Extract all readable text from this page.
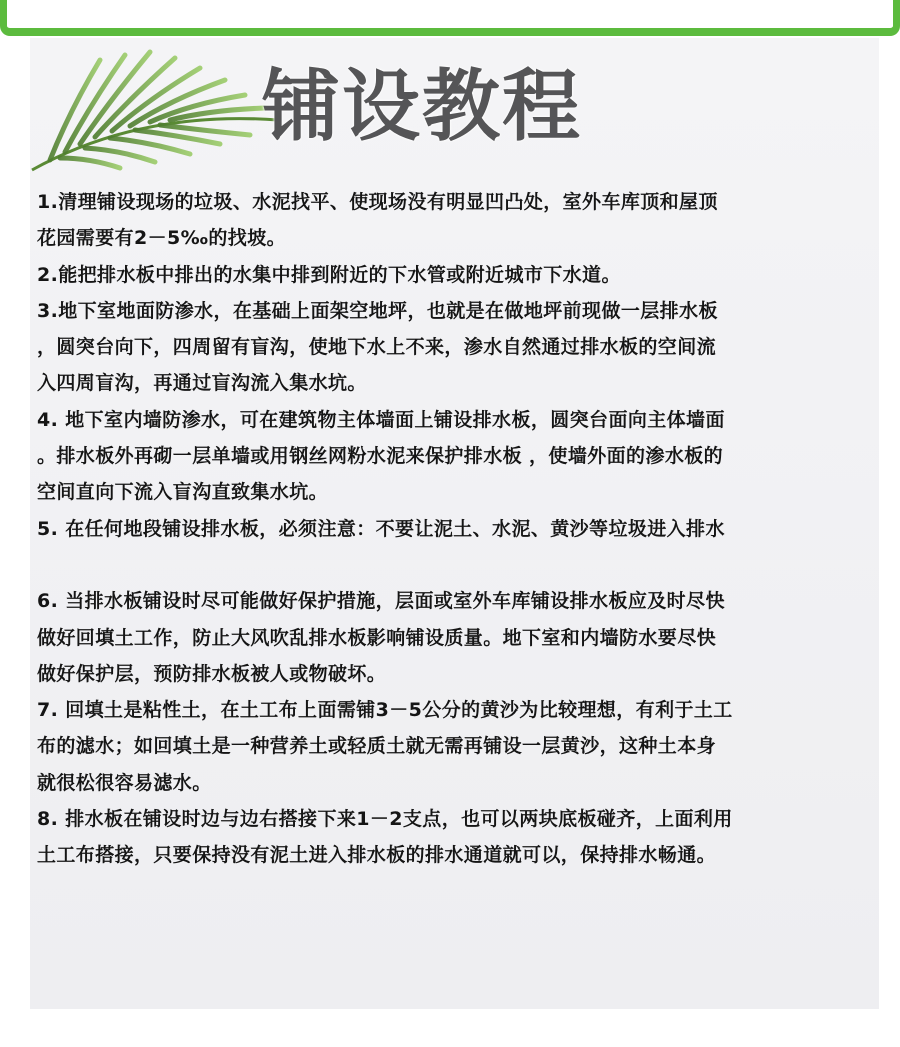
铺设教程
1.清理铺设现场的垃圾、水泥找平、使现场没有明显凹凸处，室外车库顶和屋顶
花园需要有2－5‰的找坡。
2.能把排水板中排出的水集中排到附近的下水管或附近城市下水道。
3.地下室地面防渗水，在基础上面架空地坪，也就是在做地坪前现做一层排水板
，圆突台向下，四周留有盲沟，使地下水上不来，渗水自然通过排水板的空间流
入四周盲沟，再通过盲沟流入集水坑。
4. 地下室内墙防渗水，可在建筑物主体墙面上铺设排水板，圆突台面向主体墙面
。排水板外再砌一层单墙或用钢丝网粉水泥来保护排水板 ，使墙外面的渗水板的
空间直向下流入盲沟直致集水坑。
5. 在任何地段铺设排水板，必须注意：不要让泥土、水泥、黄沙等垃圾进入排水
6. 当排水板铺设时尽可能做好保护措施，层面或室外车库铺设排水板应及时尽快
做好回填土工作，防止大风吹乱排水板影响铺设质量。地下室和内墙防水要尽快
做好保护层，预防排水板被人或物破坏。
7. 回填土是粘性土，在土工布上面需铺3－5公分的黄沙为比较理想，有利于土工
布的滤水；如回填土是一种营养土或轻质土就无需再铺设一层黄沙，这种土本身
就很松很容易滤水。
8. 排水板在铺设时边与边右搭接下来1－2支点，也可以两块底板碰齐，上面利用
土工布搭接，只要保持没有泥土进入排水板的排水通道就可以，保持排水畅通。
